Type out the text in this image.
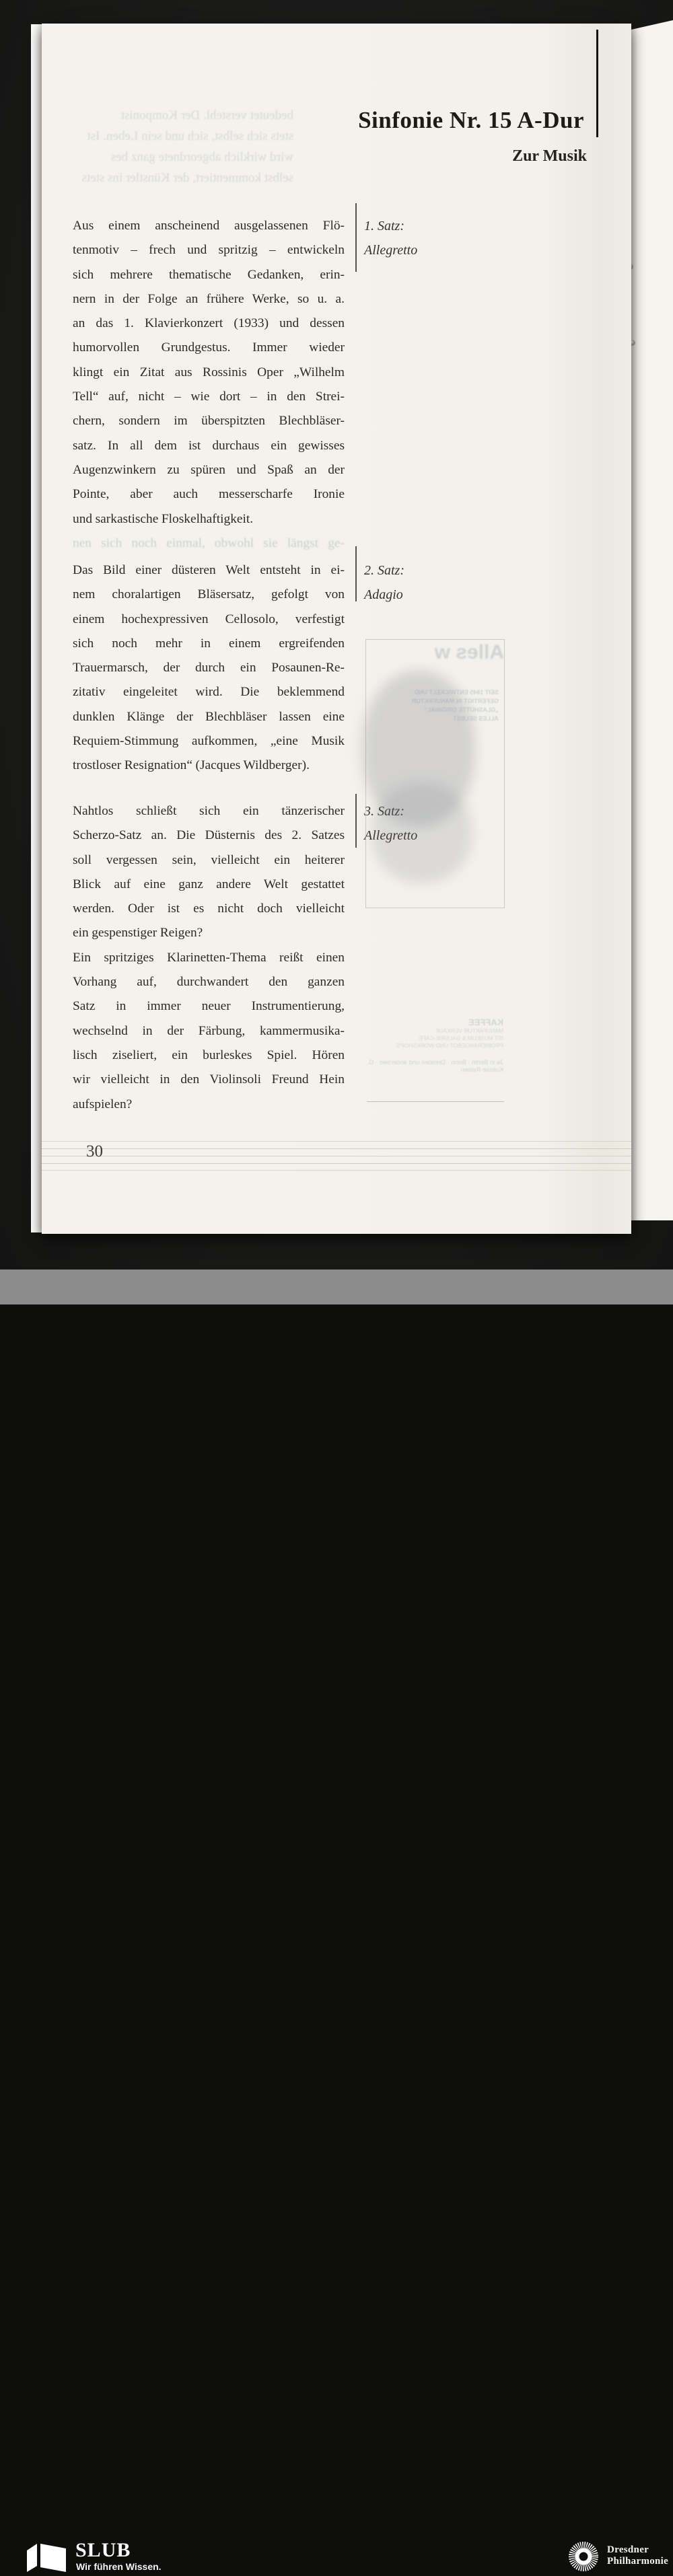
bedeutet verstehl. Der Komponist
stets sich selbst, sich und sein Leben. Ist
wird wirklich abgeordnete ganz bes
selbst kommentiert, der Künstler ins stets
Sinfonie Nr. 15 A-Dur
Zur Musik
Aus einem anscheinend ausgelassenen Flö-
tenmotiv – frech und spritzig – entwickeln
sich mehrere thematische Gedanken, erin-
nern in der Folge an frühere Werke, so u. a.
an das 1. Klavierkonzert (1933) und dessen
humorvollen Grundgestus. Immer wieder
klingt ein Zitat aus Rossinis Oper „Wilhelm
Tell“ auf, nicht – wie dort – in den Strei-
chern, sondern im überspitzten Blechbläser-
satz. In all dem ist durchaus ein gewisses
Augenzwinkern zu spüren und Spaß an der
Pointe, aber auch messerscharfe Ironie
und sarkastische Floskelhaftigkeit.
nen sich noch einmal, obwohl sie längst ge-
Das Bild einer düsteren Welt entsteht in ei-
nem choralartigen Bläsersatz, gefolgt von
einem hochexpressiven Cellosolo, verfestigt
sich noch mehr in einem ergreifenden
Trauermarsch, der durch ein Posaunen-Re-
zitativ eingeleitet wird. Die beklemmend
dunklen Klänge der Blechbläser lassen eine
Requiem-Stimmung aufkommen, „eine Musik
trostloser Resignation“ (Jacques Wildberger).
Nahtlos schließt sich ein tänzerischer
Scherzo-Satz an. Die Düsternis des 2. Satzes
soll vergessen sein, vielleicht ein heiterer
Blick auf eine ganz andere Welt gestattet
werden. Oder ist es nicht doch vielleicht
ein gespenstiger Reigen?
Ein spritziges Klarinetten-Thema reißt einen
Vorhang auf, durchwandert den ganzen
Satz in immer neuer Instrumentierung,
wechselnd in der Färbung, kammermusika-
lisch ziseliert, ein burleskes Spiel. Hören
wir vielleicht in den Violinsoli Freund Hein
aufspielen?
1. Satz:
Allegretto
2. Satz:
Adagio
3. Satz:
Allegretto
Alles w
SEIT 1845 ENTWICKELT UND
GEFERTIGT IN MANUFAKTUR
„GLASHÜTTE ORIGINAL“
ALLES SELBST
KAFFEE
MANUFAKTUR VERKAUF
IST MUSEUM & GALERIE-CAFÉ
PROBIERANGEBOT UND WORKSHOPS
Ja in Berlin · Bonn · Dresden und anderswo · G. Kulisse-Reisen
30
SLUB
Wir führen Wissen.
Dresdner
Philharmonie
